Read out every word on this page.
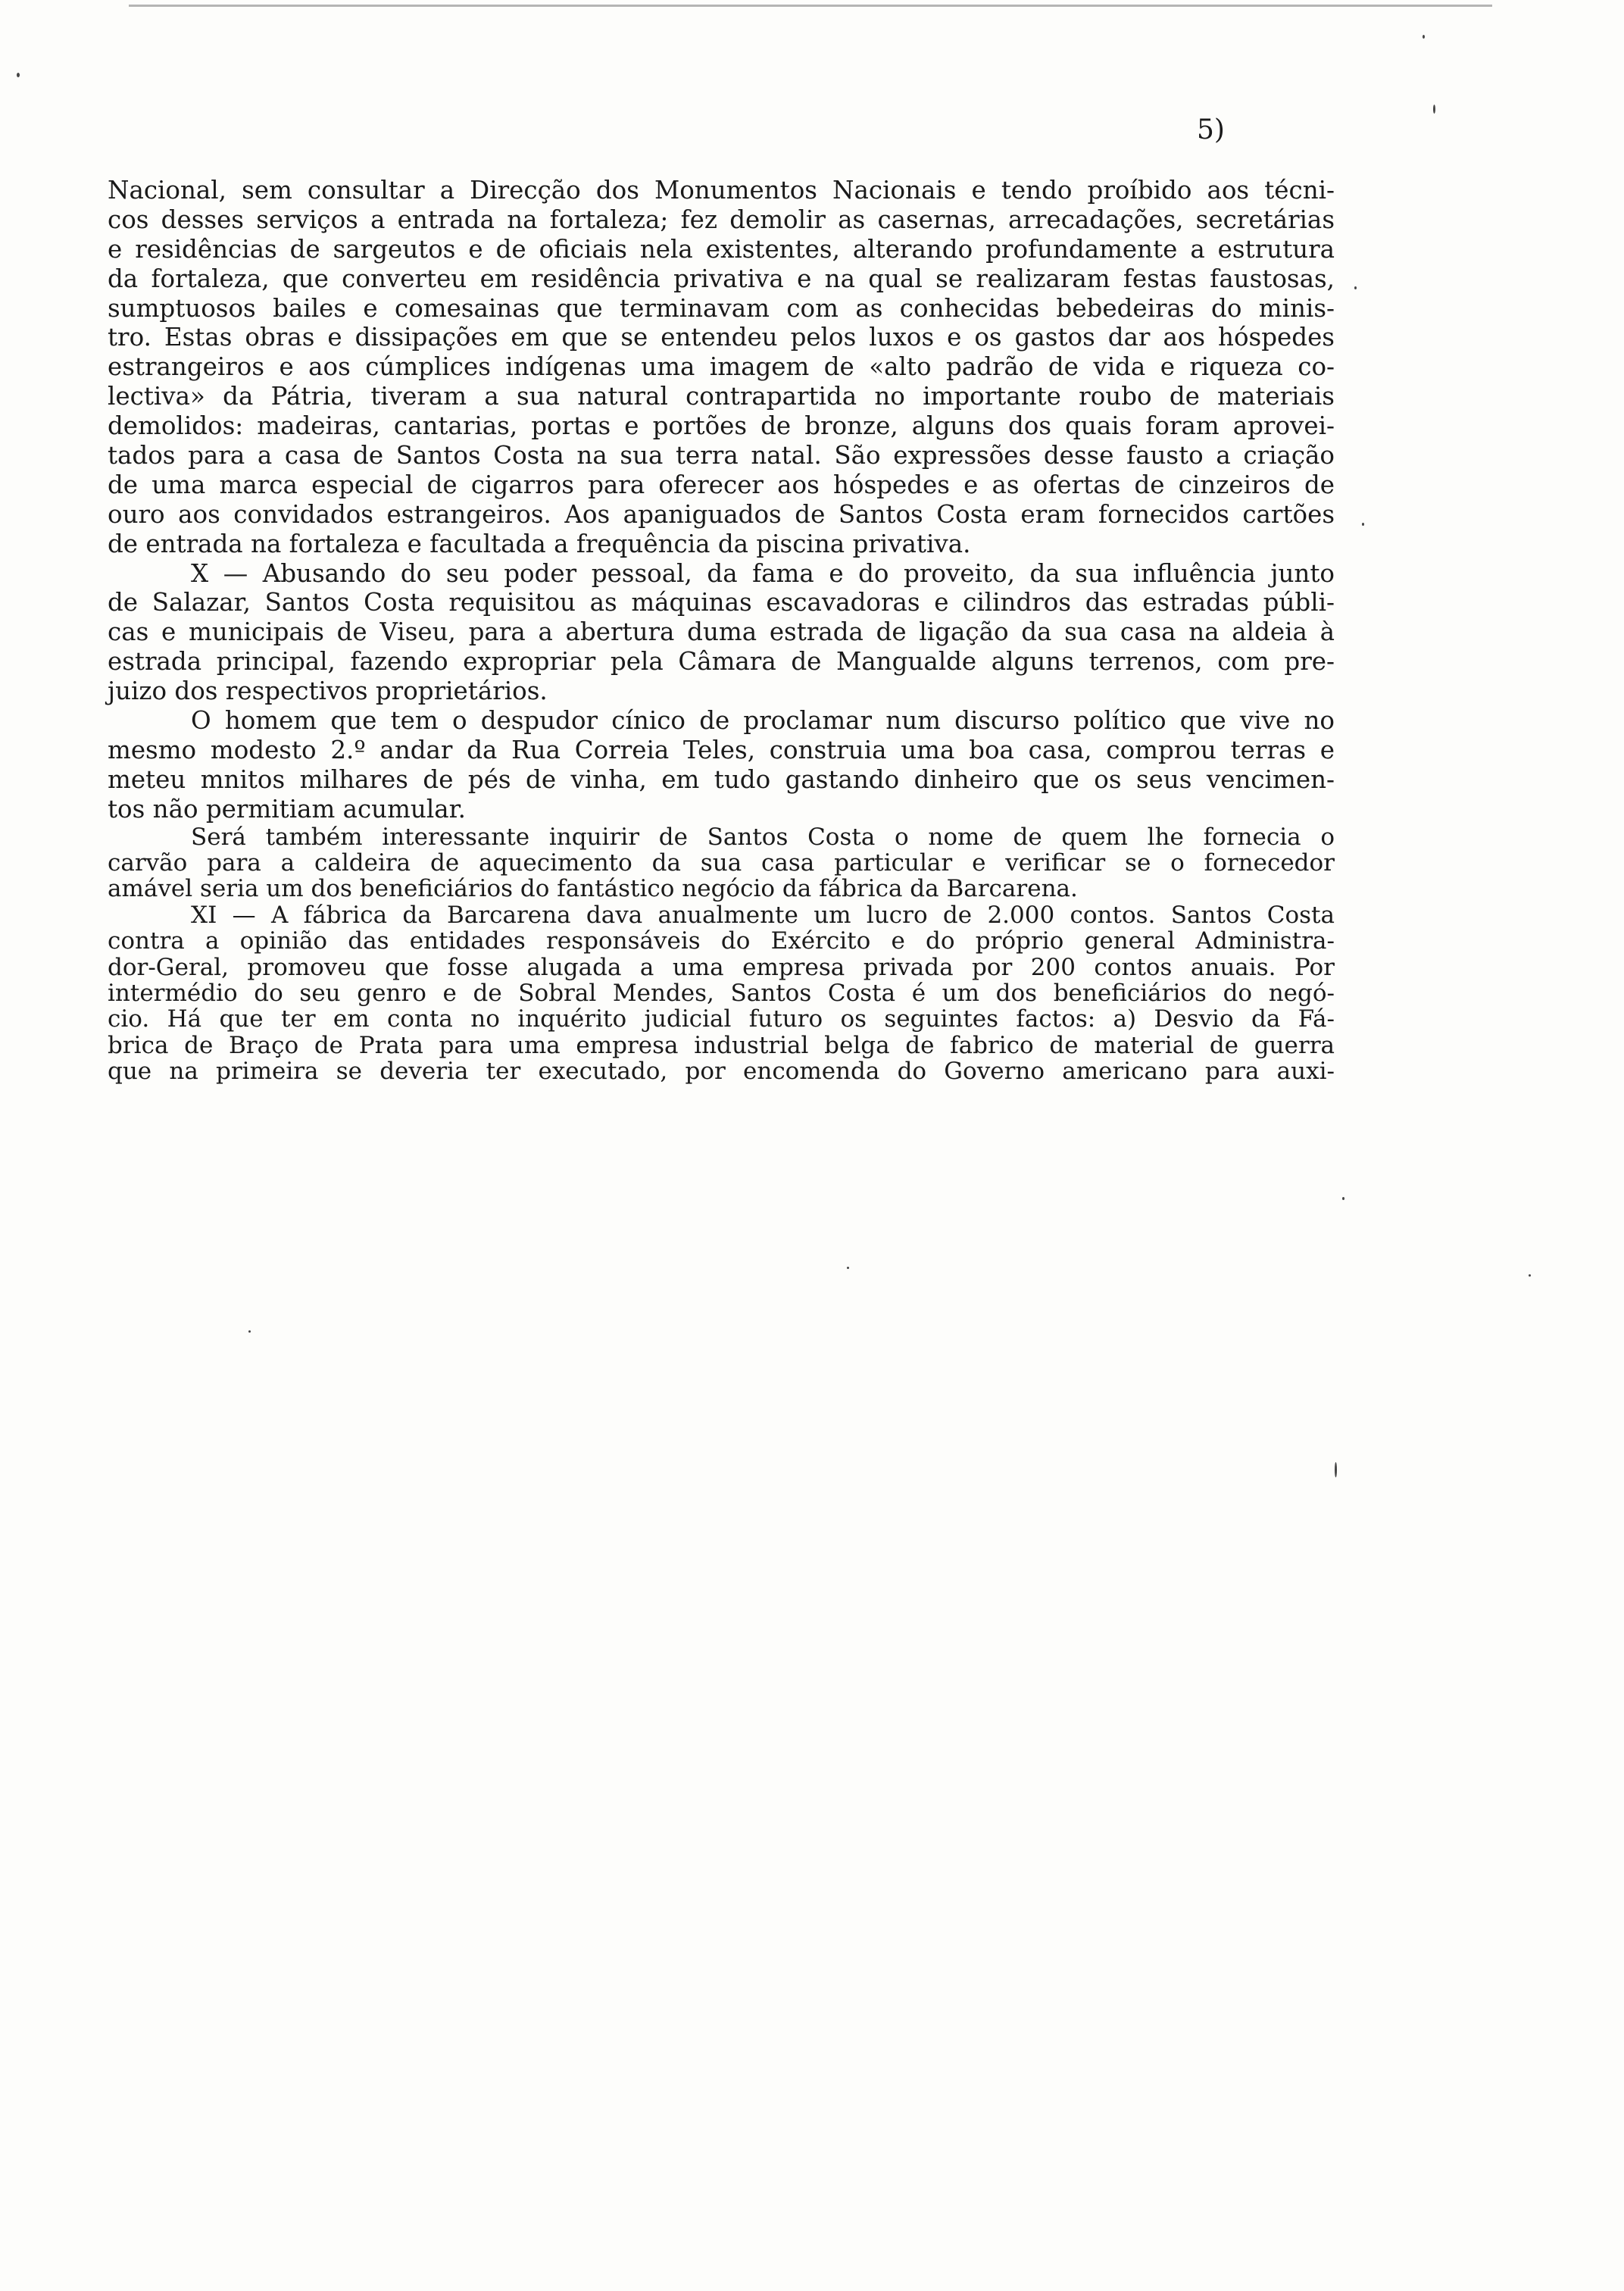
5)
Nacional, sem consultar a Direcção dos Monumentos Nacionais e tendo proíbido aos técni-
cos desses serviços a entrada na fortaleza; fez demolir as casernas, arrecadações, secretárias
e residências de sargeutos e de oficiais nela existentes, alterando profundamente a estrutura
da fortaleza, que converteu em residência privativa e na qual se realizaram festas faustosas,
sumptuosos bailes e comesainas que terminavam com as conhecidas bebedeiras do minis-
tro. Estas obras e dissipações em que se entendeu pelos luxos e os gastos dar aos hóspedes
estrangeiros e aos cúmplices indígenas uma imagem de «alto padrão de vida e riqueza co-
lectiva» da Pátria, tiveram a sua natural contrapartida no importante roubo de materiais
demolidos: madeiras, cantarias, portas e portões de bronze, alguns dos quais foram aprovei-
tados para a casa de Santos Costa na sua terra natal. São expressões desse fausto a criação
de uma marca especial de cigarros para oferecer aos hóspedes e as ofertas de cinzeiros de
ouro aos convidados estrangeiros. Aos apaniguados de Santos Costa eram fornecidos cartões
de entrada na fortaleza e facultada a frequência da piscina privativa.
X — Abusando do seu poder pessoal, da fama e do proveito, da sua influência junto
de Salazar, Santos Costa requisitou as máquinas escavadoras e cilindros das estradas públi-
cas e municipais de Viseu, para a abertura duma estrada de ligação da sua casa na aldeia à
estrada principal, fazendo expropriar pela Câmara de Mangualde alguns terrenos, com pre-
juizo dos respectivos proprietários.
O homem que tem o despudor cínico de proclamar num discurso político que vive no
mesmo modesto 2.º andar da Rua Correia Teles, construia uma boa casa, comprou terras e
meteu mnitos milhares de pés de vinha, em tudo gastando dinheiro que os seus vencimen-
tos não permitiam acumular.
Será também interessante inquirir de Santos Costa o nome de quem lhe fornecia o
carvão para a caldeira de aquecimento da sua casa particular e verificar se o fornecedor
amável seria um dos beneficiários do fantástico negócio da fábrica da Barcarena.
XI — A fábrica da Barcarena dava anualmente um lucro de 2.000 contos. Santos Costa
contra a opinião das entidades responsáveis do Exército e do próprio general Administra-
dor-Geral, promoveu que fosse alugada a uma empresa privada por 200 contos anuais. Por
intermédio do seu genro e de Sobral Mendes, Santos Costa é um dos beneficiários do negó-
cio. Há que ter em conta no inquérito judicial futuro os seguintes factos: a) Desvio da Fá-
brica de Braço de Prata para uma empresa industrial belga de fabrico de material de guerra
que na primeira se deveria ter executado, por encomenda do Governo americano para auxi-
